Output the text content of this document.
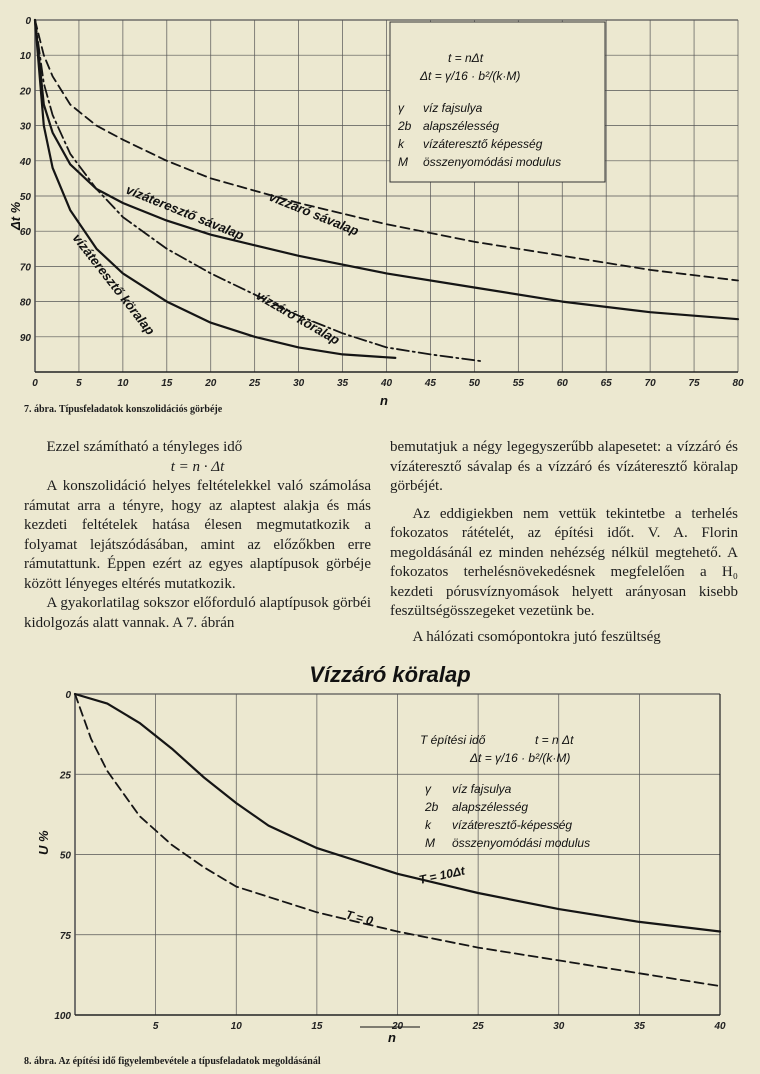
0	5	10	15	20	25	30	35	40	45	50	55	60	65	70	75	80
0
10
20
30
40
50
60
70
80
90
t = nΔt
Δt = γ/16 · b²/(k·M)
γ víz fajsulya
2b alapszélesség
k vízáteresztő képesség
M összenyomódási modulus
vízzáró sávalap
vízáteresztő sávalap
vízzáró köralap
vízáteresztő köralap
Δt %
n
7. ábra. Típusfeladatok konszolidációs görbéje

Ezzel számítható a tényleges idő

t = n · Δt

A konszolidáció helyes feltételekkel való számolása rámutat arra a tényre, hogy az alaptest alakja és más kezdeti feltételek hatása élesen megmutatkozik a folyamat lejátszódásában, amint az előzőkben erre rámutattunk. Éppen ezért az egyes alaptípusok görbéje között lényeges eltérés mutatkozik.

A gyakorlatilag sokszor előforduló alaptípusok görbéi kidolgozás alatt vannak. A 7. ábrán

bemutatjuk a négy legegyszerűbb alapesetet: a vízzáró és vízáteresztő sávalap és a vízzáró és vízáteresztő köralap görbéjét.

Az eddigiekben nem vettük tekintetbe a terhelés fokozatos rátételét, az építési időt. V. A. Florin megoldásánál ez minden nehézség nélkül megtehető. A fokozatos terhelésnövekedésnek megfelelően a H₀ kezdeti pórusvíznyomások helyett arányosan kisebb feszültségösszegeket vezetünk be.

A hálózati csomópontokra jutó feszültség

Vízzáró köralap
5	10	15	20	25	30	35	40
0
25
50
75
100
T építési idő	t = n Δt
Δt = γ/16 · b²/(k·M)
γ víz fajsulya
2b alapszélesség
k vízáteresztő-képesség
M összenyomódási modulus
T = 10Δt
T = 0
U %
n
8. ábra. Az építési idő figyelembevétele a típusfeladatok megoldásánál
